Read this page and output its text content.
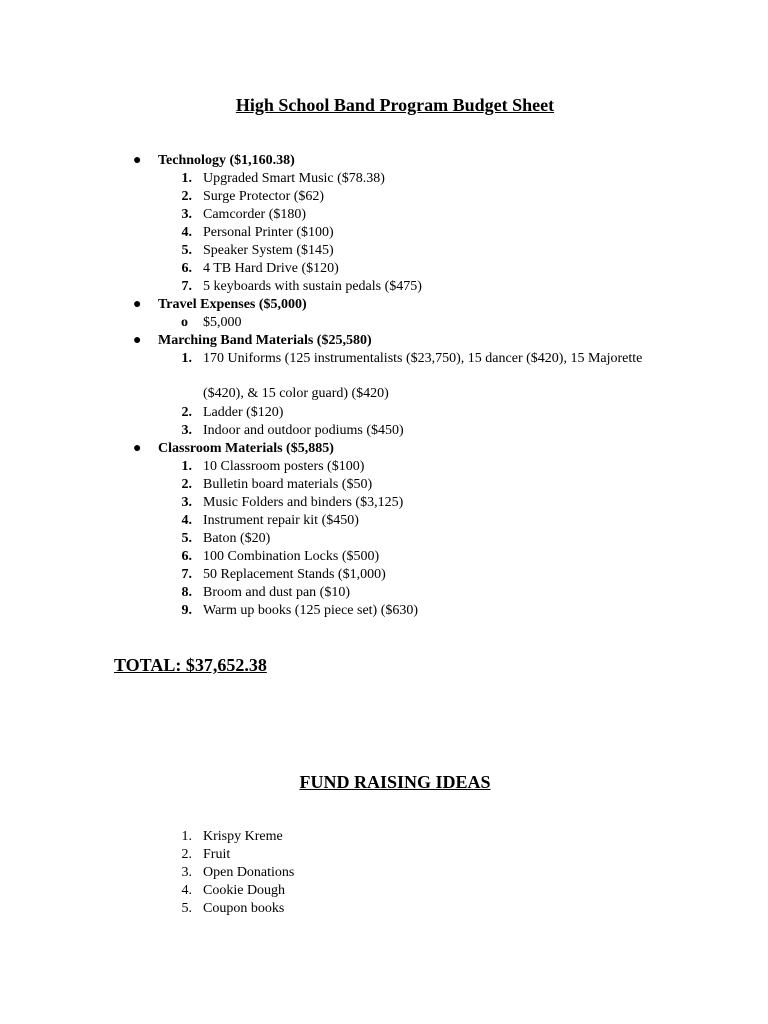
High School Band Program Budget Sheet
● Technology ($1,160.38)
1. Upgraded Smart Music ($78.38)
2. Surge Protector ($62)
3. Camcorder ($180)
4. Personal Printer ($100)
5. Speaker System ($145)
6. 4 TB Hard Drive ($120)
7. 5 keyboards with sustain pedals ($475)
● Travel Expenses ($5,000)
o $5,000
● Marching Band Materials ($25,580)
1. 170 Uniforms (125 instrumentalists ($23,750), 15 dancer ($420), 15 Majorette
($420), & 15 color guard) ($420)
2. Ladder ($120)
3. Indoor and outdoor podiums ($450)
● Classroom Materials ($5,885)
1. 10 Classroom posters ($100)
2. Bulletin board materials ($50)
3. Music Folders and binders ($3,125)
4. Instrument repair kit ($450)
5. Baton ($20)
6. 100 Combination Locks ($500)
7. 50 Replacement Stands ($1,000)
8. Broom and dust pan ($10)
9. Warm up books (125 piece set) ($630)
TOTAL: $37,652.38
FUND RAISING IDEAS
1. Krispy Kreme
2. Fruit
3. Open Donations
4. Cookie Dough
5. Coupon books
